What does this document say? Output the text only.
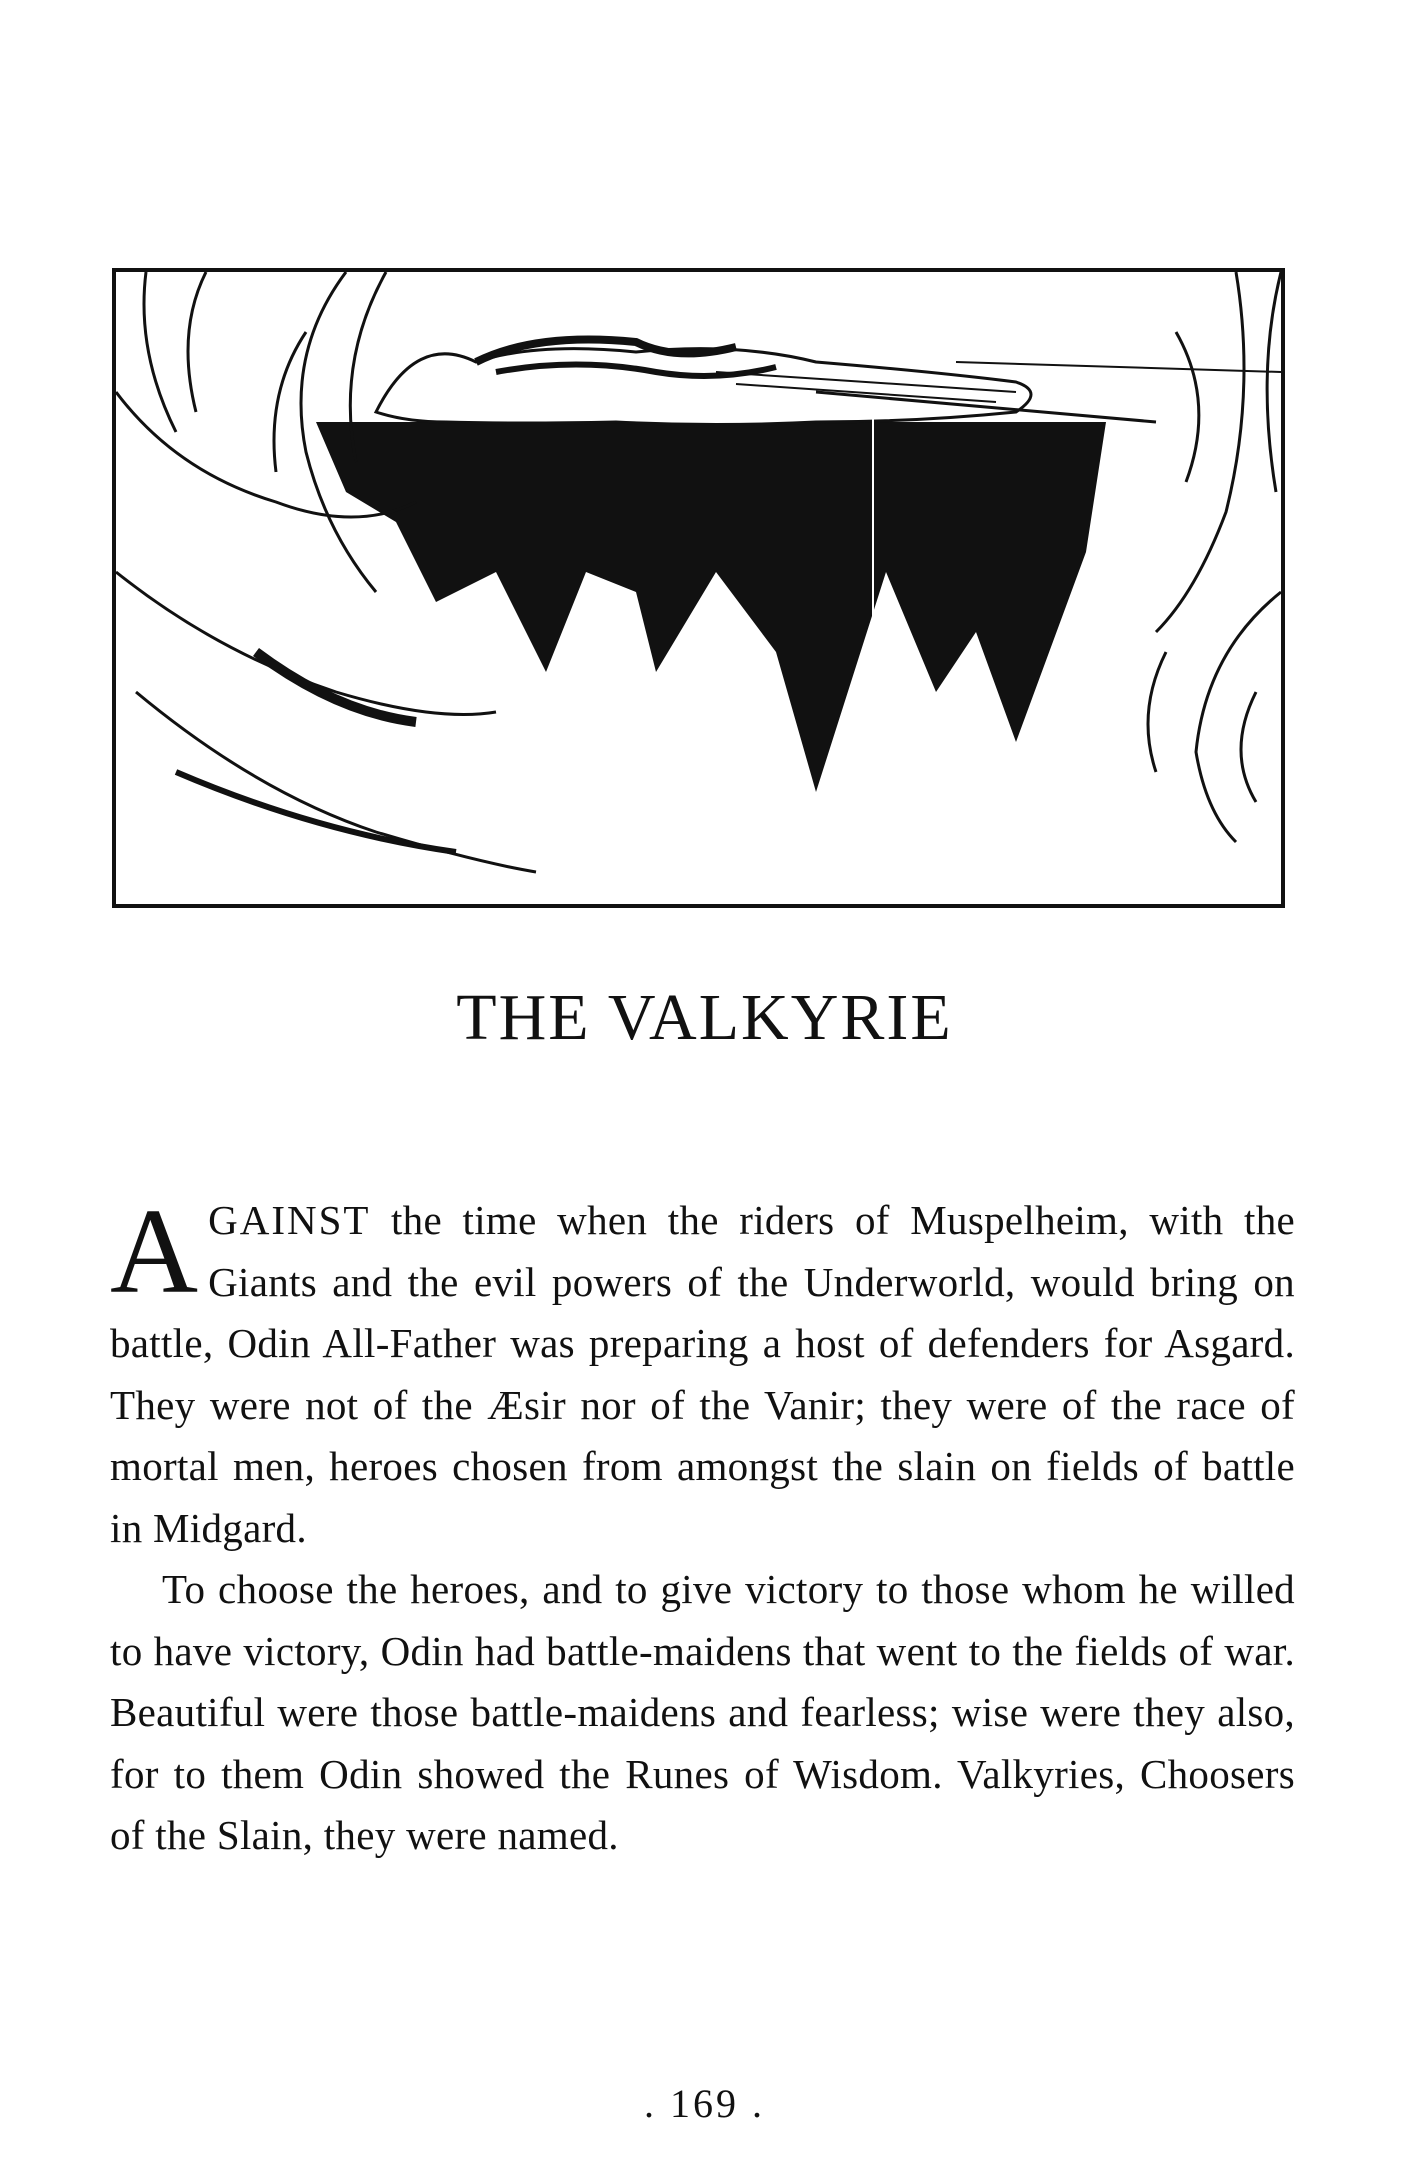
THE VALKYRIE

AGAINST the time when the riders of Muspelheim, with the Giants and the evil powers of the Underworld, would bring on battle, Odin All-Father was preparing a host of defenders for Asgard. They were not of the Æsir nor of the Vanir; they were of the race of mortal men, heroes chosen from amongst the slain on fields of battle in Midgard.

To choose the heroes, and to give victory to those whom he willed to have victory, Odin had battle-maidens that went to the fields of war. Beautiful were those battle-maidens and fearless; wise were they also, for to them Odin showed the Runes of Wisdom. Valkyries, Choosers of the Slain, they were named.

. 169 .
